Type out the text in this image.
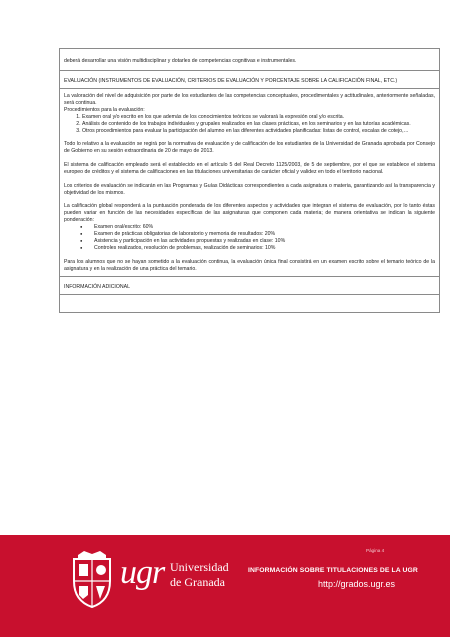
deberá desarrollar una visión multidisciplinar y dotarles de competencias cognitivas e instrumentales.

EVALUACIÓN (INSTRUMENTOS DE EVALUACIÓN, CRITERIOS DE EVALUACIÓN Y PORCENTAJE SOBRE LA CALIFICACIÓN FINAL, ETC.)

La valoración del nivel de adquisición por parte de los estudiantes de las competencias conceptuales, procedimentales y actitudinales, anteriormente señaladas, será continua.

Procedimientos para la evaluación:

1. Examen oral y/o escrito en los que además de los conocimientos teóricos se valorará la expresión oral y/o escrita.
2. Análisis de contenido de los trabajos individuales y grupales realizados en las clases prácticas, en los seminarios y en las tutorías académicas.
3. Otros procedimientos para evaluar la participación del alumno en las diferentes actividades planificadas: listas de control, escalas de cotejo,…

Todo lo relativo a la evaluación se regirá por la normativa de evaluación y de calificación de los estudiantes de la Universidad de Granada aprobada por Consejo de Gobierno en su sesión extraordinaria de 20 de mayo de 2013.

El sistema de calificación empleado será el establecido en el artículo 5 del Real Decreto 1125/2003, de 5 de septiembre, por el que se establece el sistema europeo de créditos y el sistema de calificaciones en las titulaciones universitarias de carácter oficial y validez en todo el territorio nacional.

Los criterios de evaluación se indicarán en las Programas y Guías Didácticas correspondientes a cada asignatura o materia, garantizando así la transparencia y objetividad de los mismos.

La calificación global responderá a la puntuación ponderada de los diferentes aspectos y actividades que integran el sistema de evaluación, por lo tanto éstas pueden variar en función de las necesidades específicas de las asignaturas que componen cada materia; de manera orientativa se indican la siguiente ponderación:

● Examen oral/escrito: 60%
● Examen de prácticas obligatorias de laboratorio y memoria de resultados: 20%
● Asistencia y participación en las actividades propuestas y realizadas en clase: 10%
● Controles realizados, resolución de problemas, realización de seminarios: 10%

Para los alumnos que no se hayan sometido a la evaluación continua, la evaluación única final consistirá en un examen escrito sobre el temario teórico de la asignatura y en la realización de una práctica del temario.

INFORMACIÓN ADICIONAL

ugr Universidad
de Granada
Página 4
INFORMACIÓN SOBRE TITULACIONES DE LA UGR
http://grados.ugr.es
